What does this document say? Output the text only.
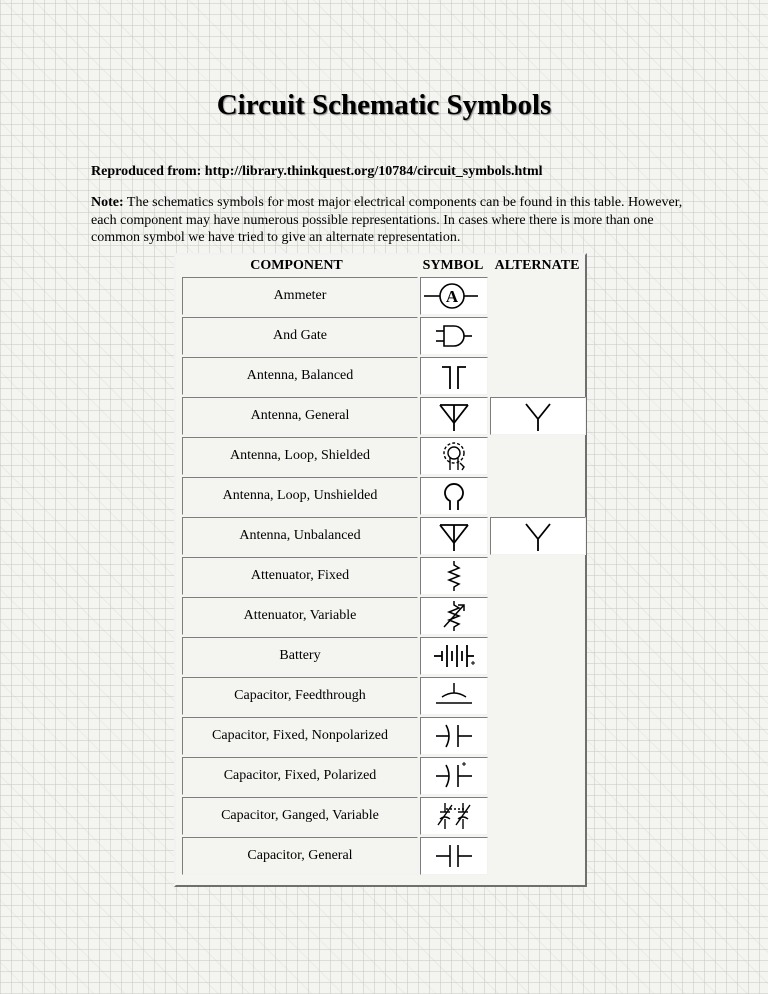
Circuit Schematic Symbols

Reproduced from: http://library.thinkquest.org/10784/circuit_symbols.html

Note: The schematics symbols for most major electrical components can be found in this table. However, each component may have numerous possible representations. In cases where there is more than one common symbol we have tried to give an alternate representation.

COMPONENT	SYMBOL ALTERNATE
Ammeter	A
And Gate
Antenna, Balanced
Antenna, General
Antenna, Loop, Shielded
Antenna, Loop, Unshielded
Antenna, Unbalanced
Attenuator, Fixed
Attenuator, Variable
Battery
Capacitor, Feedthrough
Capacitor, Fixed, Nonpolarized
Capacitor, Fixed, Polarized
Capacitor, Ganged, Variable
Capacitor, General
